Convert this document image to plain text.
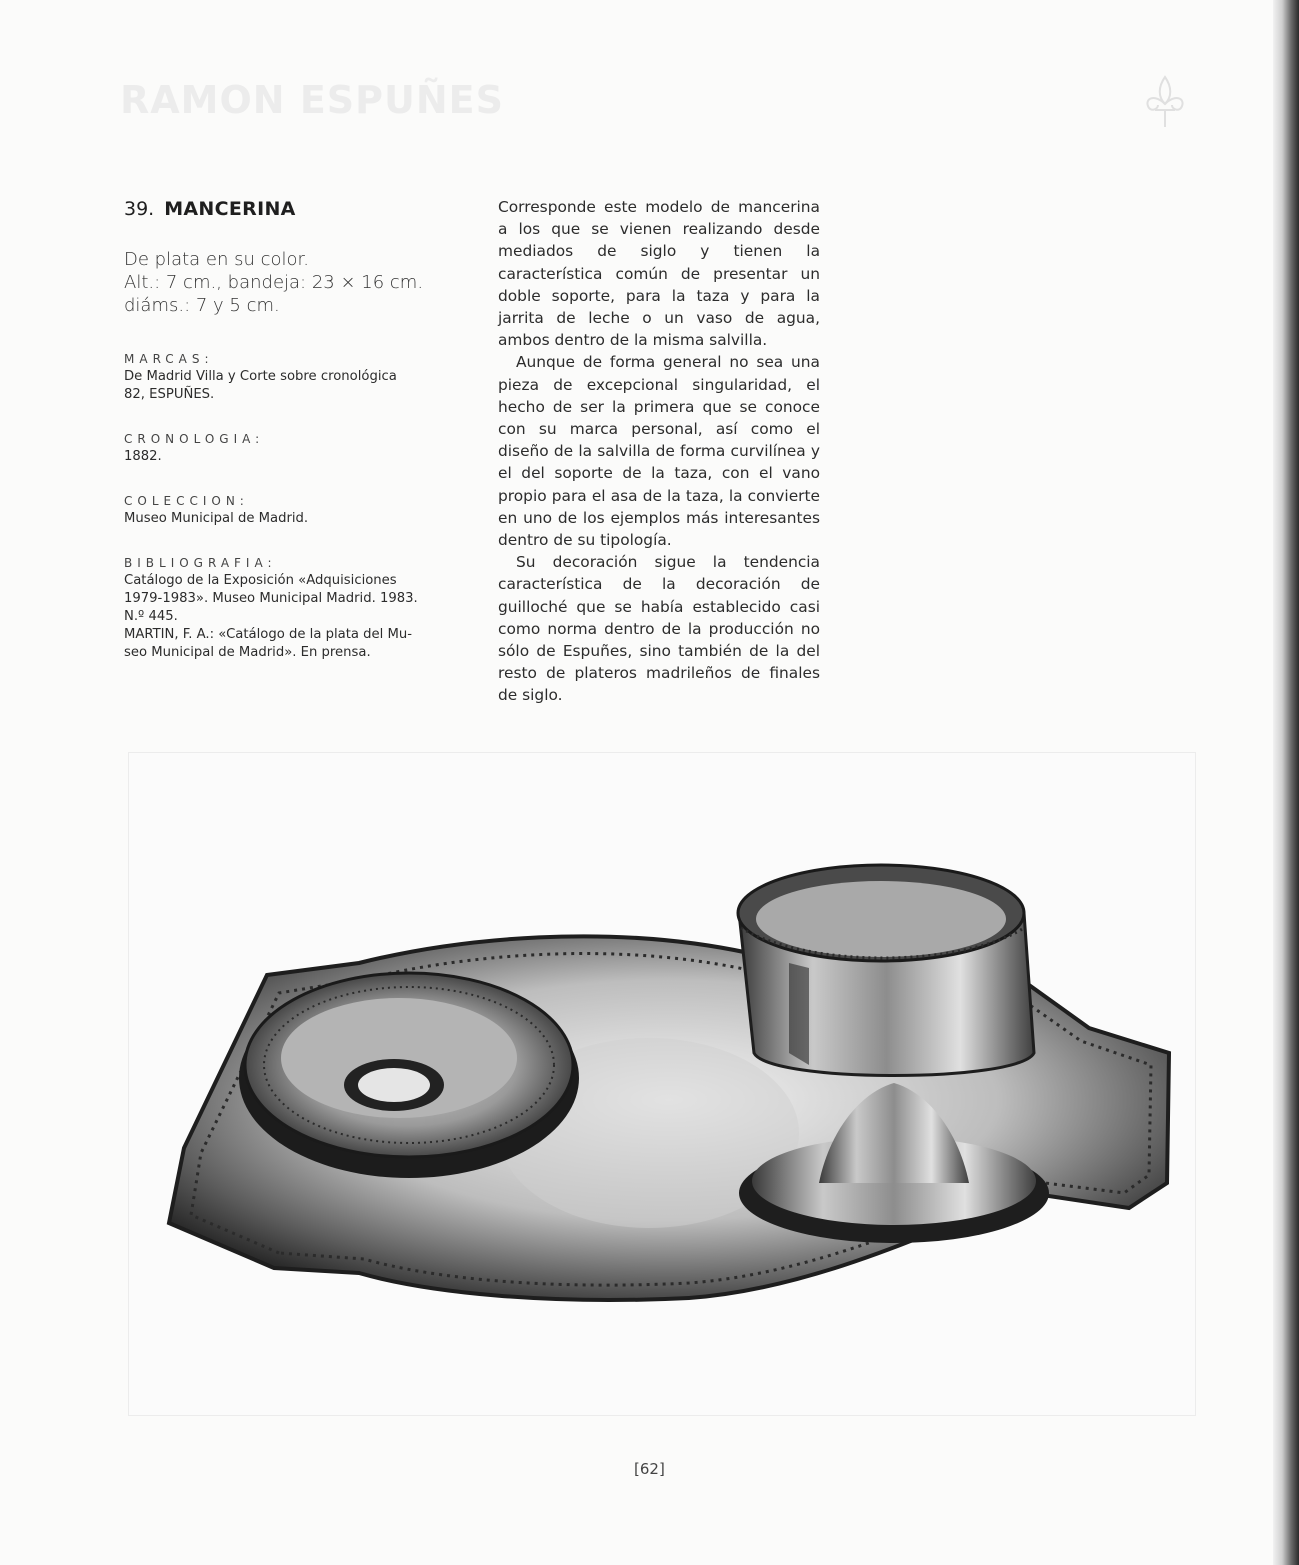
RAMON ESPUÑES
39. MANCERINA
De plata en su color.
Alt.: 7 cm., bandeja: 23 × 16 cm.
diáms.: 7 y 5 cm.
MARCAS:
De Madrid Villa y Corte sobre cronológica
82, ESPUÑES.
CRONOLOGIA:
1882.
COLECCION:
Museo Municipal de Madrid.
BIBLIOGRAFIA:
Catálogo de la Exposición «Adquisiciones
1979-1983». Museo Municipal Madrid. 1983.
N.º 445.
MARTIN, F. A.: «Catálogo de la plata del Mu-
seo Municipal de Madrid». En prensa.

Corresponde este modelo de mancerina a los que se vienen realizando desde mediados de siglo y tienen la característica común de presentar un doble soporte, para la taza y para la jarrita de leche o un vaso de agua, ambos dentro de la misma salvilla.

Aunque de forma general no sea una pieza de excepcional singularidad, el hecho de ser la primera que se conoce con su marca personal, así como el diseño de la salvilla de forma curvilínea y el del soporte de la taza, con el vano propio para el asa de la taza, la convierte en uno de los ejemplos más interesantes dentro de su tipología.

Su decoración sigue la tendencia característica de la decoración de guilloché que se había establecido casi como norma dentro de la producción no sólo de Espuñes, sino también de la del resto de plateros madrileños de finales de siglo.

[62]
